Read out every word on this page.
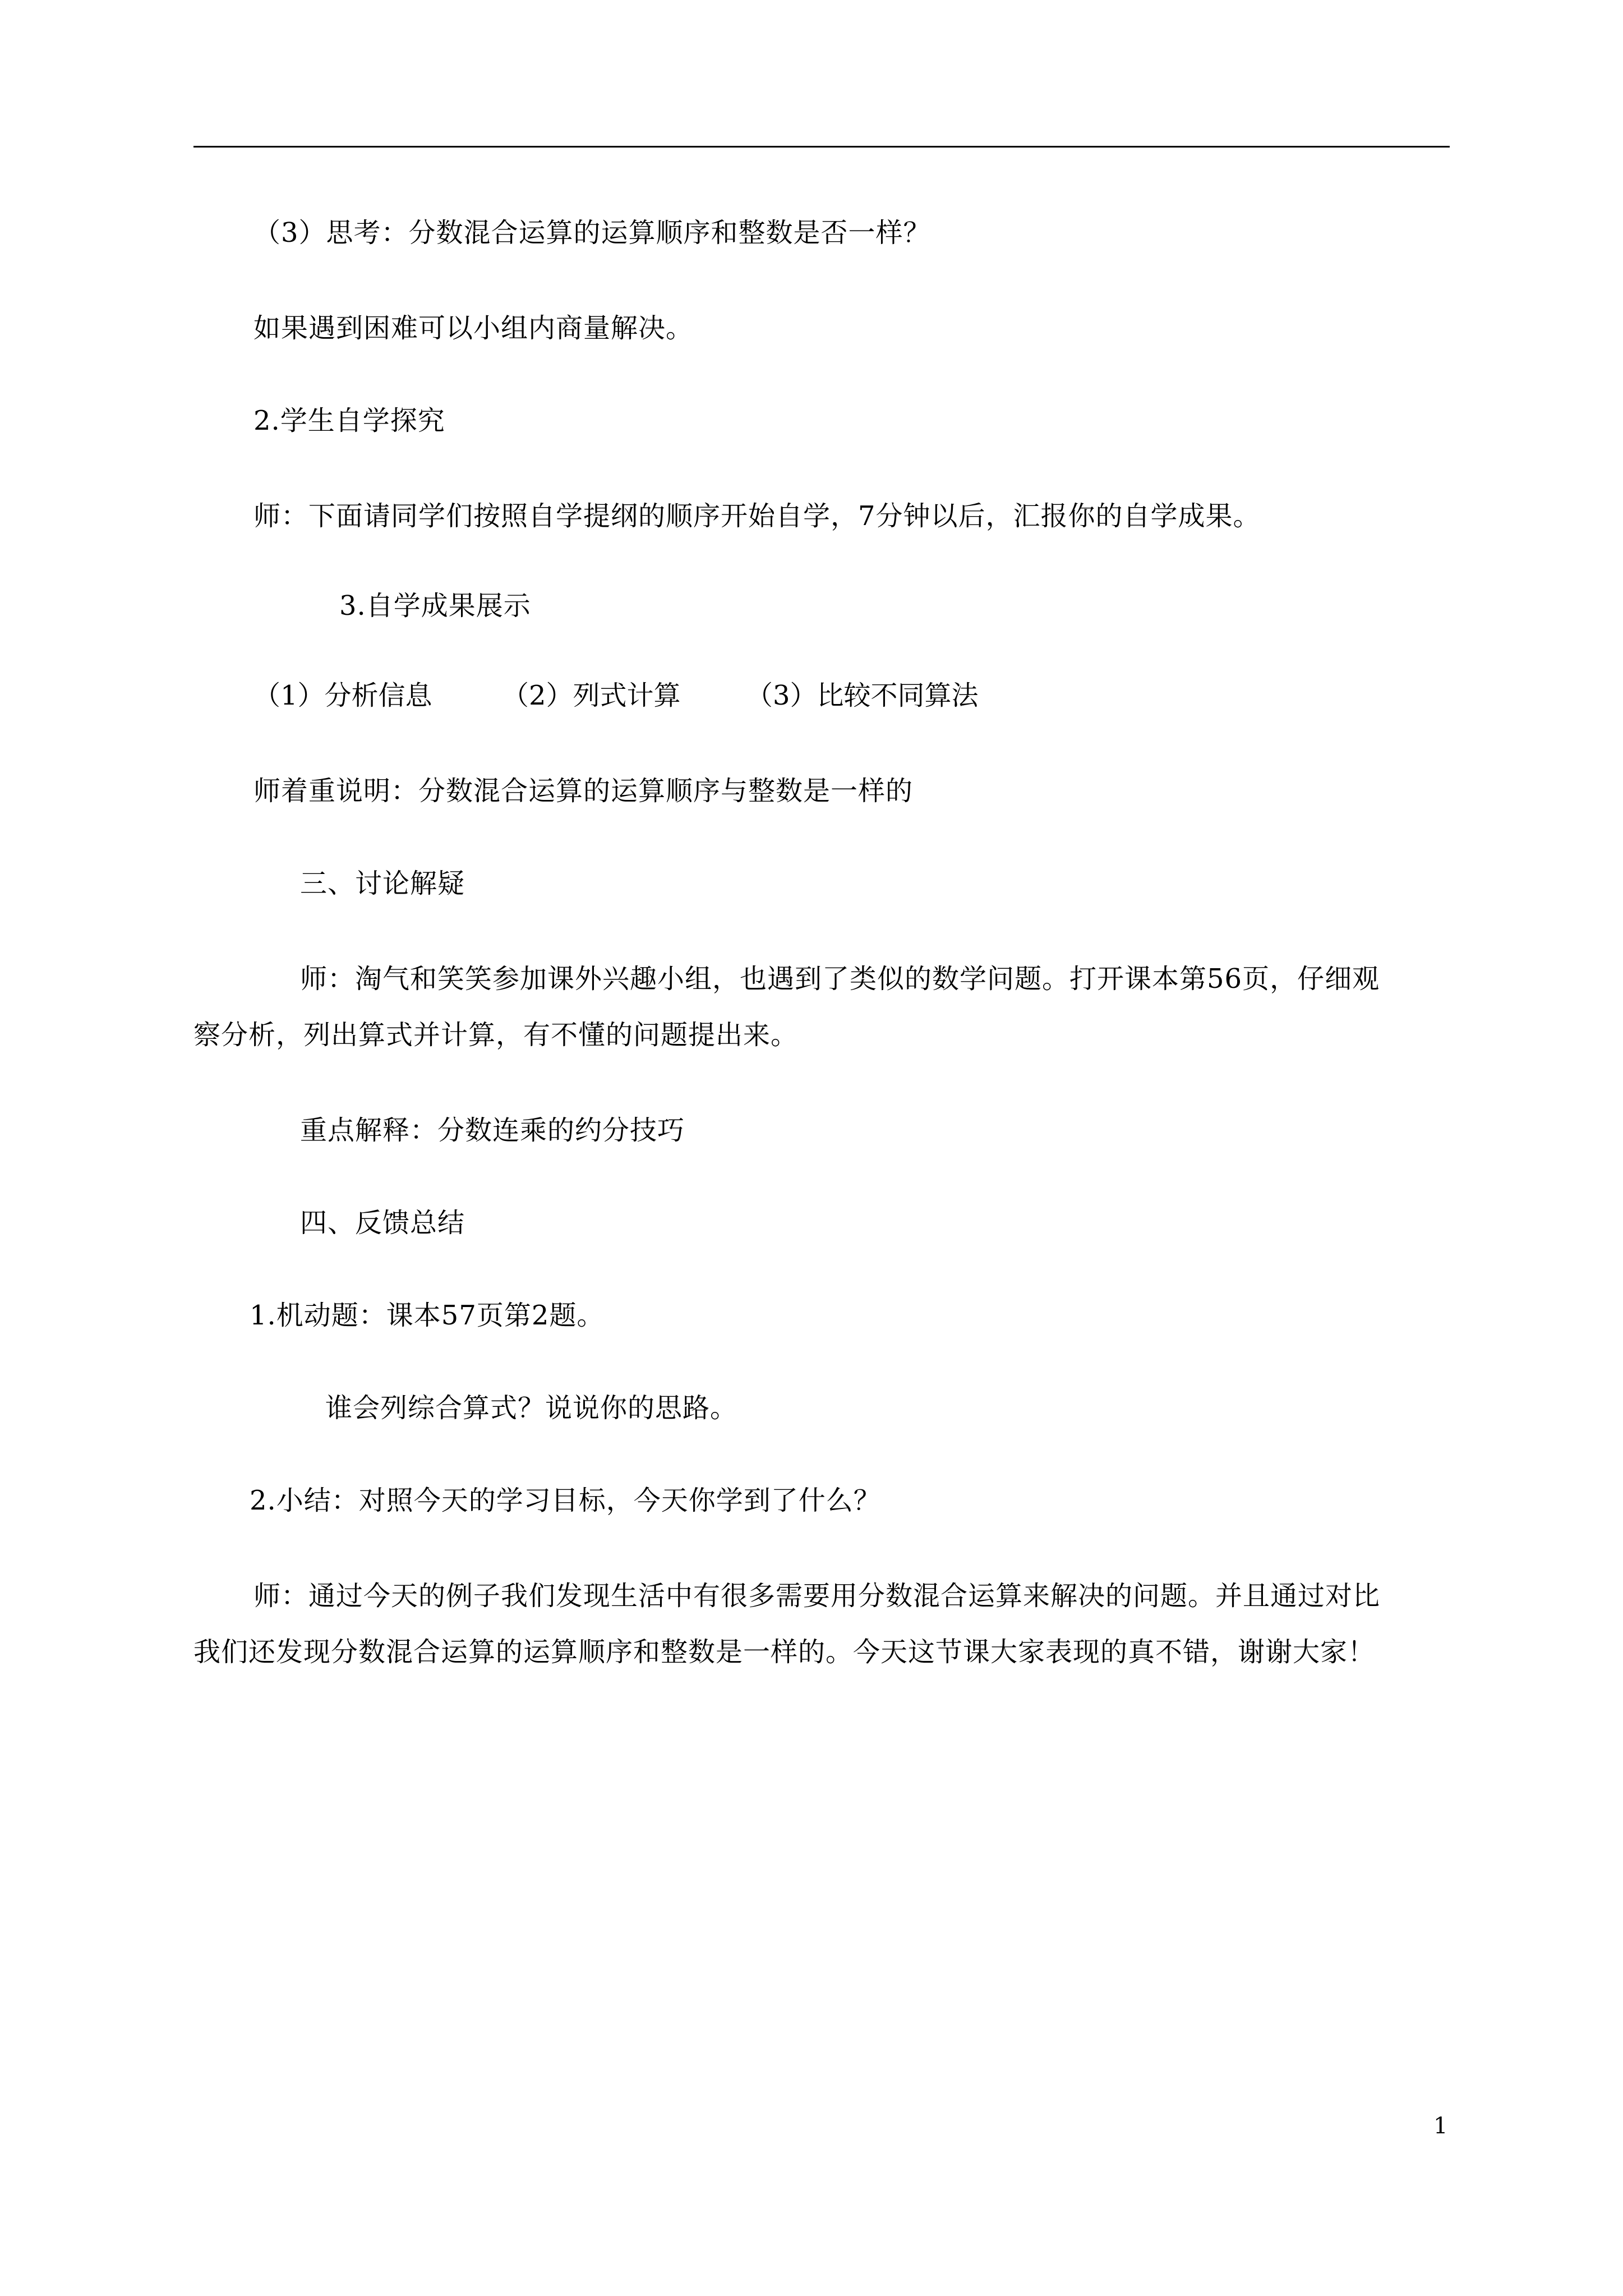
（3）思考：分数混合运算的运算顺序和整数是否一样？
如果遇到困难可以小组内商量解决。
2.学生自学探究
师：下面请同学们按照自学提纲的顺序开始自学，7分钟以后，汇报你的自学成果。
3.自学成果展示
（1）分析信息	（2）列式计算 （3）比较不同算法
师着重说明：分数混合运算的运算顺序与整数是一样的
三、讨论解疑
师：淘气和笑笑参加课外兴趣小组，也遇到了类似的数学问题。打开课本第56页，仔细观
察分析，列出算式并计算，有不懂的问题提出来。
重点解释：分数连乘的约分技巧
四、反馈总结
1.机动题：课本57页第2题。
谁会列综合算式？说说你的思路。
2.小结：对照今天的学习目标，今天你学到了什么？
师：通过今天的例子我们发现生活中有很多需要用分数混合运算来解决的问题。并且通过对比
我们还发现分数混合运算的运算顺序和整数是一样的。今天这节课大家表现的真不错，谢谢大家！
1
